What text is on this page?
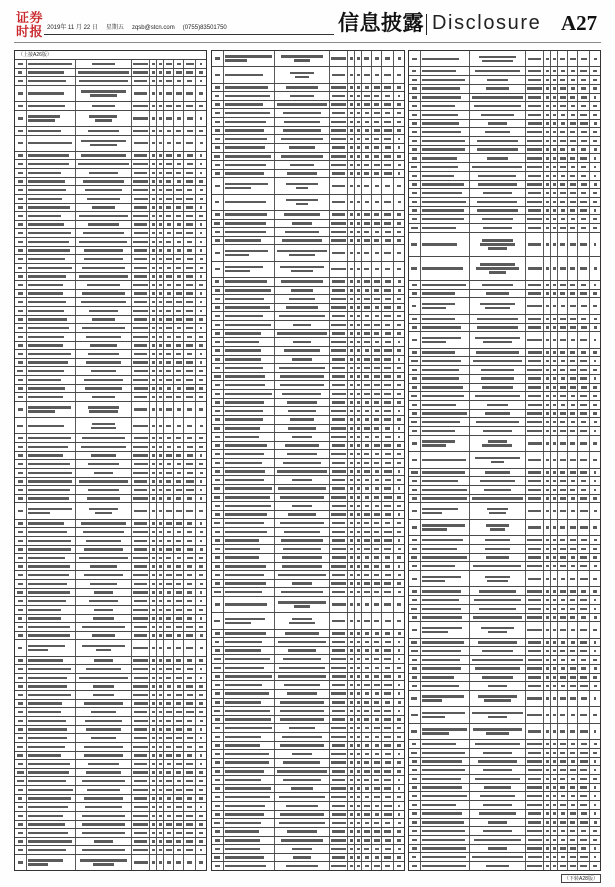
证券时报 2019年 11 月 22 日 星期五 zqsb@stcn.com (0755)83501750	信息披露 Disclosure A27
（上接A26版）
（下转A28版）
